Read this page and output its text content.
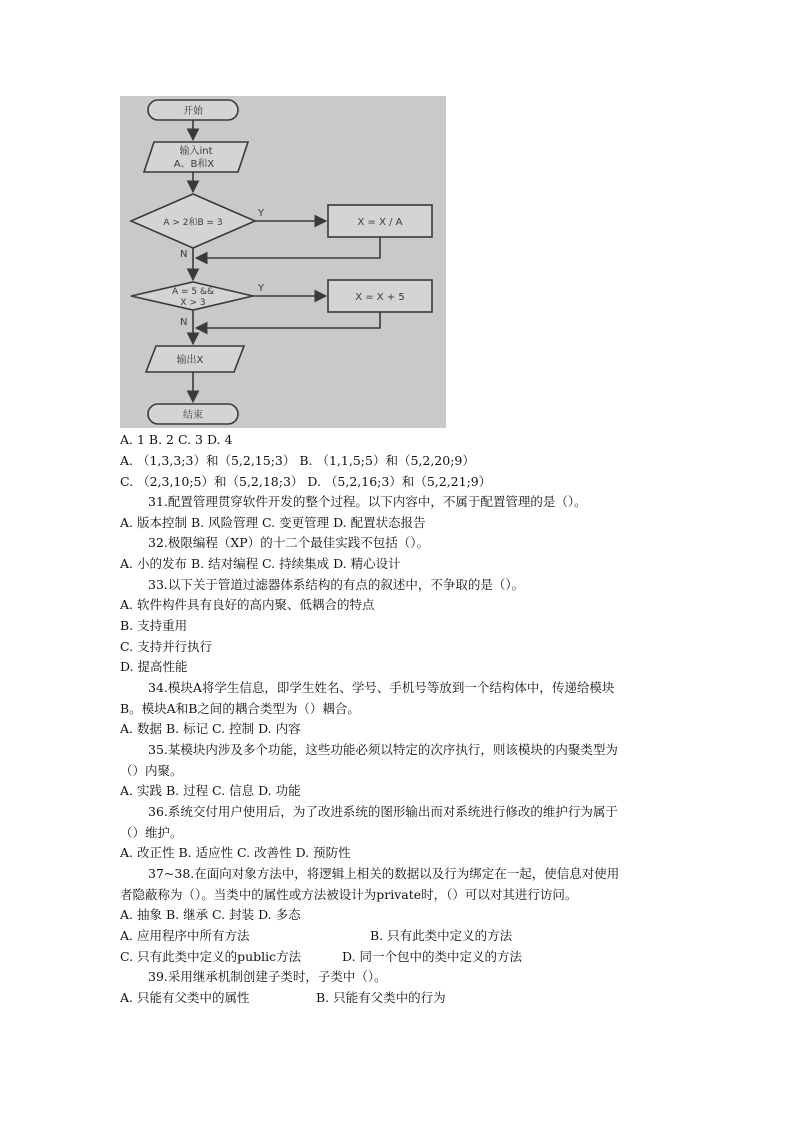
开始
输入int
A、B和X
A > 2和B = 3
Y
X = X / A
N
A = 5 &&
X > 3
Y
X = X + 5
N
输出X
结束
A. 1 B. 2 C. 3 D. 4
A. （1,3,3;3）和（5,2,15;3） B. （1,1,5;5）和（5,2,20;9）
C. （2,3,10;5）和（5,2,18;3） D. （5,2,16;3）和（5,2,21;9）
31.配置管理贯穿软件开发的整个过程。以下内容中，不属于配置管理的是（）。
A. 版本控制 B. 风险管理 C. 变更管理 D. 配置状态报告
32.极限编程（XP）的十二个最佳实践不包括（）。
A. 小的发布 B. 结对编程 C. 持续集成 D. 精心设计
33.以下关于管道过滤器体系结构的有点的叙述中，不争取的是（）。
A. 软件构件具有良好的高内聚、低耦合的特点
B. 支持重用
C. 支持并行执行
D. 提高性能
34.模块A将学生信息，即学生姓名、学号、手机号等放到一个结构体中，传递给模块
B。模块A和B之间的耦合类型为（）耦合。
A. 数据 B. 标记 C. 控制 D. 内容
35.某模块内涉及多个功能，这些功能必须以特定的次序执行，则该模块的内聚类型为
（）内聚。
A. 实践 B. 过程 C. 信息 D. 功能
36.系统交付用户使用后，为了改进系统的图形输出而对系统进行修改的维护行为属于
（）维护。
A. 改正性 B. 适应性 C. 改善性 D. 预防性
37~38.在面向对象方法中，将逻辑上相关的数据以及行为绑定在一起，使信息对使用
者隐蔽称为（）。当类中的属性或方法被设计为private时，（）可以对其进行访问。
A. 抽象 B. 继承 C. 封装 D. 多态
A. 应用程序中所有方法	B. 只有此类中定义的方法
C. 只有此类中定义的public方法	D. 同一个包中的类中定义的方法
39.采用继承机制创建子类时，子类中（）。
A. 只能有父类中的属性	B. 只能有父类中的行为
